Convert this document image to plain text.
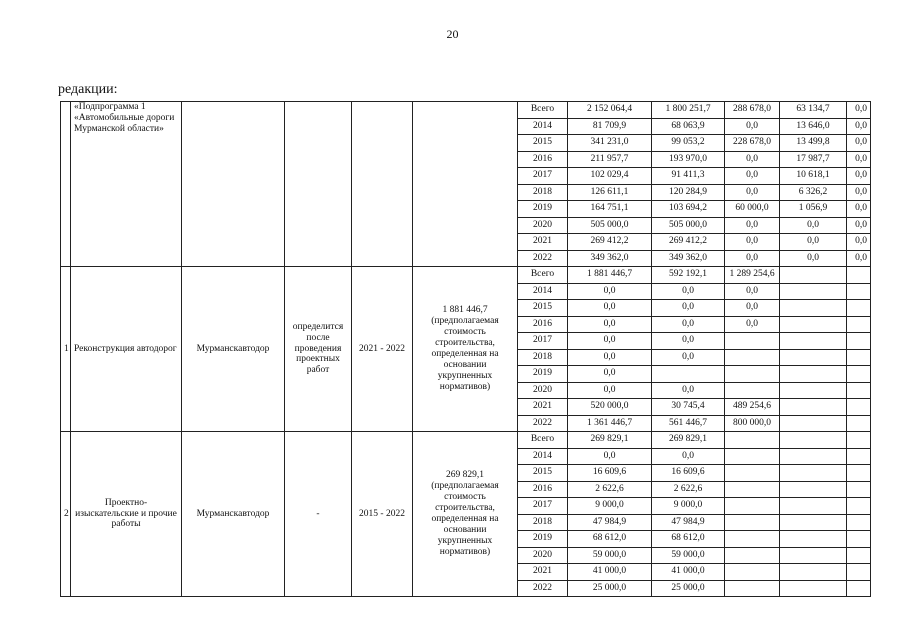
20
редакции:
	«Подпрограмма 1 «Автомобильные дороги Мурманской области»					Всего	2 152 064,4	1 800 251,7	288 678,0	63 134,7	0,0
						2014	81 709,9	68 063,9	0,0	13 646,0	0,0
						2015	341 231,0	99 053,2	228 678,0	13 499,8	0,0
						2016	211 957,7	193 970,0	0,0	17 987,7	0,0
						2017	102 029,4	91 411,3	0,0	10 618,1	0,0
						2018	126 611,1	120 284,9	0,0	6 326,2	0,0
						2019	164 751,1	103 694,2	60 000,0	1 056,9	0,0
						2020	505 000,0	505 000,0	0,0	0,0	0,0
						2021	269 412,2	269 412,2	0,0	0,0	0,0
						2022	349 362,0	349 362,0	0,0	0,0	0,0
1	Реконструкция автодорог	Мурманскавтодор	определится после проведения проектных работ	2021 - 2022	1 881 446,7 (предполагаемая стоимость строительства, определенная на основании укрупненных нормативов)	Всего	1 881 446,7	592 192,1	1 289 254,6		
						2014	0,0	0,0	0,0		
						2015	0,0	0,0	0,0		
						2016	0,0	0,0	0,0		
						2017	0,0	0,0			
						2018	0,0	0,0			
						2019	0,0				
						2020	0,0	0,0			
						2021	520 000,0	30 745,4	489 254,6		
						2022	1 361 446,7	561 446,7	800 000,0		
2	Проектно-изыскательские и прочие работы	Мурманскавтодор	-	2015 - 2022	269 829,1 (предполагаемая стоимость строительства, определенная на основании укрупненных нормативов)	Всего	269 829,1	269 829,1			
						2014	0,0	0,0			
						2015	16 609,6	16 609,6			
						2016	2 622,6	2 622,6			
						2017	9 000,0	9 000,0			
						2018	47 984,9	47 984,9			
						2019	68 612,0	68 612,0			
						2020	59 000,0	59 000,0			
						2021	41 000,0	41 000,0			
						2022	25 000,0	25 000,0			
